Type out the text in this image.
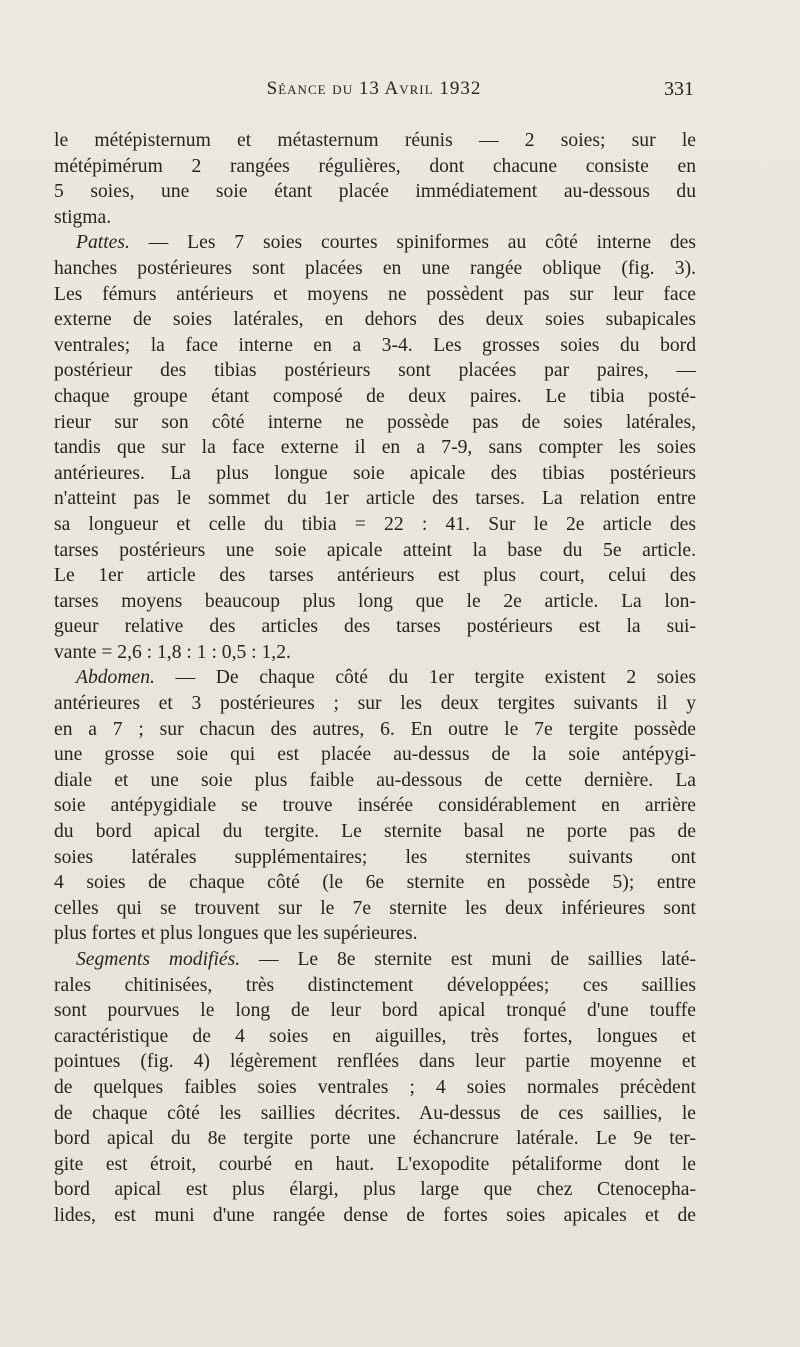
Séance du 13 Avril 1932	331
le métépisternum et métasternum réunis — 2 soies; sur le
métépimérum 2 rangées régulières, dont chacune consiste en
5 soies, une soie étant placée immédiatement au-dessous du
stigma.
Pattes. — Les 7 soies courtes spiniformes au côté interne des
hanches postérieures sont placées en une rangée oblique (fig. 3).
Les fémurs antérieurs et moyens ne possèdent pas sur leur face
externe de soies latérales, en dehors des deux soies subapicales
ventrales; la face interne en a 3-4. Les grosses soies du bord
postérieur des tibias postérieurs sont placées par paires, —
chaque groupe étant composé de deux paires. Le tibia posté-
rieur sur son côté interne ne possède pas de soies latérales,
tandis que sur la face externe il en a 7-9, sans compter les soies
antérieures. La plus longue soie apicale des tibias postérieurs
n'atteint pas le sommet du 1er article des tarses. La relation entre
sa longueur et celle du tibia = 22 : 41. Sur le 2e article des
tarses postérieurs une soie apicale atteint la base du 5e article.
Le 1er article des tarses antérieurs est plus court, celui des
tarses moyens beaucoup plus long que le 2e article. La lon-
gueur relative des articles des tarses postérieurs est la sui-
vante = 2,6 : 1,8 : 1 : 0,5 : 1,2.
Abdomen. — De chaque côté du 1er tergite existent 2 soies
antérieures et 3 postérieures ; sur les deux tergites suivants il y
en a 7 ; sur chacun des autres, 6. En outre le 7e tergite possède
une grosse soie qui est placée au-dessus de la soie antépygi-
diale et une soie plus faible au-dessous de cette dernière. La
soie antépygidiale se trouve insérée considérablement en arrière
du bord apical du tergite. Le sternite basal ne porte pas de
soies latérales supplémentaires; les sternites suivants ont
4 soies de chaque côté (le 6e sternite en possède 5); entre
celles qui se trouvent sur le 7e sternite les deux inférieures sont
plus fortes et plus longues que les supérieures.
Segments modifiés. — Le 8e sternite est muni de saillies laté-
rales chitinisées, très distinctement développées; ces saillies
sont pourvues le long de leur bord apical tronqué d'une touffe
caractéristique de 4 soies en aiguilles, très fortes, longues et
pointues (fig. 4) légèrement renflées dans leur partie moyenne et
de quelques faibles soies ventrales ; 4 soies normales précèdent
de chaque côté les saillies décrites. Au-dessus de ces saillies, le
bord apical du 8e tergite porte une échancrure latérale. Le 9e ter-
gite est étroit, courbé en haut. L'exopodite pétaliforme dont le
bord apical est plus élargi, plus large que chez Ctenocepha-
lides, est muni d'une rangée dense de fortes soies apicales et de
